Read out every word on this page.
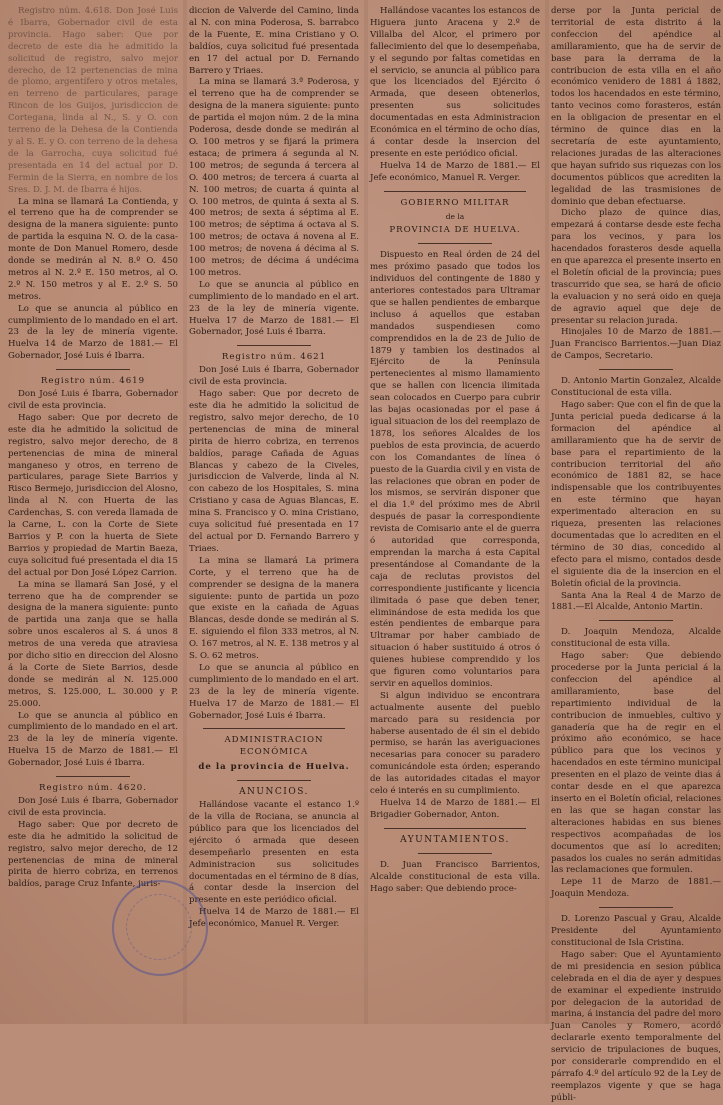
Registro núm. 4.618. Don José Luis é Ibarra, Gobernador civil de esta provincia. Hago saber: Que por decreto de este dia he admitido la solicitud de registro, salvo mejor derecho, de 12 pertenencias de mina de plomo, argentífero y otros metales, en terreno de particulares, parage Rincon de los Guijos, jurisdiccion de Cortegana, linda al N., S. y O. con terreno de la Dehesa de la Contienda y al S. E. y O. con terreno de la dehesa de la Garrocha, cuya solicitud fué presentada en 14 del actual por D. Fermin de la Sierra, en nombre de los Sres. D. J. M. de Ibarra é hijos.

La mina se llamará La Contienda, y el terreno que ha de comprender se designa de la manera siguiente: punto de partida la esquina N. O. de la casa-monte de Don Manuel Romero, desde donde se medirán al N. 8.º O. 450 metros al N. 2.º E. 150 metros, al O. 2.º N. 150 metros y al E. 2.º S. 50 metros.

Lo que se anuncia al público en cumplimiento de lo mandado en el art. 23 de la ley de minería vigente. Huelva 14 de Marzo de 1881.— El Gobernador, José Luis é Ibarra.

Registro núm. 4619

Don José Luis é Ibarra, Gobernador civil de esta provincia.

Hago saber: Que por decreto de este dia he admitido la solicitud de registro, salvo mejor derecho, de 8 pertenencias de mina de mineral manganeso y otros, en terreno de particulares, parage Siete Barrios y Risco Bermejo, jurisdiccion del Alosno, linda al N. con Huerta de las Cardenchas, S. con vereda llamada de la Carne, L. con la Corte de Siete Barrios y P. con la huerta de Siete Barrios y propiedad de Martin Baeza, cuya solicitud fué presentada el dia 15 del actual por Don José López Carrion.

La mina se llamará San José, y el terreno que ha de comprender se designa de la manera siguiente: punto de partida una zanja que se halla sobre unos escaleros al S. á unos 8 metros de una vereda que atraviesa por dicho sitio en direccion del Alosno á la Corte de Siete Barrios, desde donde se medirán al N. 125.000 metros, S. 125.000, L. 30.000 y P. 25.000.

Lo que se anuncia al público en cumplimiento de lo mandado en el art. 23 de la ley de minería vigente. Huelva 15 de Marzo de 1881.— El Gobernador, José Luis é Ibarra.

Registro núm. 4620.

Don José Luis é Ibarra, Gobernador civil de esta provincia.

Hago saber: Que por decreto de este dia he admitido la solicitud de registro, salvo mejor derecho, de 12 pertenencias de mina de mineral pirita de hierro cobriza, en terrenos baldíos, parage Cruz Infante, juris-

diccion de Valverde del Camino, linda al N. con mina Poderosa, S. barrabco de la Fuente, E. mina Cristiano y O. baldíos, cuya solicitud fué presentada en 17 del actual por D. Fernando Barrero y Triaes.

La mina se llamará 3.ª Poderosa, y el terreno que ha de comprender se designa de la manera siguiente: punto de partida el mojon núm. 2 de la mina Poderosa, desde donde se medirán al O. 100 metros y se fijará la primera estaca; de primera á segunda al N. 100 metros; de segunda á tercera al O. 400 metros; de tercera á cuarta al N. 100 metros; de cuarta á quinta al O. 100 metros, de quinta á sexta al S. 400 metros; de sexta á séptima al E. 100 metros; de séptima á octava al S. 100 metros; de octava á novena al E. 100 metros; de novena á décima al S. 100 metros; de décima á undécima 100 metros.

Lo que se anuncia al público en cumplimiento de lo mandado en el art. 23 de la ley de minería vigente. Huelva 17 de Marzo de 1881.— El Gobernador, José Luis é Ibarra.

Registro núm. 4621

Don José Luis é Ibarra, Gobernador civil de esta provincia.

Hago saber: Que por decreto de este dia he admitido la solicitud de registro, salvo mejor derecho, de 10 pertenencias de mina de mineral pirita de hierro cobriza, en terrenos baldíos, parage Cañada de Aguas Blancas y cabezo de la Civeles, jurisdiccion de Valverde, linda al N. con cabezo de los Hospitales, S. mina Cristiano y casa de Aguas Blancas, E. mina S. Francisco y O. mina Cristiano, cuya solicitud fué presentada en 17 del actual por D. Fernando Barrero y Triaes.

La mina se llamará La primera Corte, y el terreno que ha de comprender se designa de la manera siguiente: punto de partida un pozo que existe en la cañada de Aguas Blancas, desde donde se medirán al S. E. siguiendo el filon 333 metros, al N. O. 167 metros, al N. E. 138 metros y al S. O. 62 metros.

Lo que se anuncia al público en cumplimiento de lo mandado en el art. 23 de la ley de minería vigente. Huelva 17 de Marzo de 1881.— El Gobernador, José Luis é Ibarra.

ADMINISTRACION ECONÓMICA
de la provincia de Huelva.
ANUNCIOS.

Hallándose vacante el estanco 1.º de la villa de Rociana, se anuncia al público para que los licenciados del ejército ó armada que deseen desempeñarlo presenten en esta Administracion sus solicitudes documentadas en el término de 8 días, á contar desde la insercion del presente en este periódico oficial.

Huelva 14 de Marzo de 1881.— El Jefe económico, Manuel R. Verger.

Hallándose vacantes los estancos de Higuera junto Aracena y 2.º de Villalba del Alcor, el primero por fallecimiento del que lo desempeñaba, y el segundo por faltas cometidas en el servicio, se anuncia al público para que los licenciados del Ejército ó Armada, que deseen obtenerlos, presenten sus solicitudes documentadas en esta Administracion Económica en el término de ocho días, á contar desde la insercion del presente en este periódico oficial.

Huelva 14 de Marzo de 1881.— El Jefe económico, Manuel R. Verger.

GOBIERNO MILITAR
de la
PROVINCIA DE HUELVA.

Dispuesto en Real órden de 24 del mes próximo pasado que todos los individuos del contingente de 1880 y anteriores contestados para Ultramar que se hallen pendientes de embarque incluso á aquellos que estaban mandados suspendiesen como comprendidos en la de 23 de Julio de 1879 y tambien los destinados al Ejército de la Península pertenecientes al mismo llamamiento que se hallen con licencia ilimitada sean colocados en Cuerpo para cubrir las bajas ocasionadas por el pase á igual situacion de los del reemplazo de 1878, los señores Alcaldes de los pueblos de esta provincia, de acuerdo con los Comandantes de línea ó puesto de la Guardia civil y en vista de las relaciones que obran en poder de los mismos, se servirán disponer que el dia 1.º del próximo mes de Abril después de pasar la correspondiente revista de Comisario ante el de guerra ó autoridad que corresponda, emprendan la marcha á esta Capital presentándose al Comandante de la caja de reclutas provistos del correspondiente justificante y licencia ilimitada ó pase que deben tener, eliminándose de esta medida los que estén pendientes de embarque para Ultramar por haber cambiado de situacion ó haber sustituido á otros ó quienes hubiese comprendido y los que figuren como voluntarios para servir en aquellos dominios.

Si algun individuo se encontrara actualmente ausente del pueblo marcado para su residencia por haberse ausentado de él sin el debido permiso, se harán las averiguaciones necesarias para conocer su paradero comunicándole esta órden; esperando de las autoridades citadas el mayor celo é interés en su cumplimiento.

Huelva 14 de Marzo de 1881.— El Brigadier Gobernador, Anton.

AYUNTAMIENTOS.

D. Juan Francisco Barrientos, Alcalde constitucional de esta villa. Hago saber: Que debiendo proce-

derse por la Junta pericial de territorial de esta distrito á la confeccion del apéndice al amillaramiento, que ha de servir de base para la derrama de la contribucion de esta villa en el año económico venidero de 1881 á 1882, todos los hacendados en este término, tanto vecinos como forasteros, están en la obligacion de presentar en el término de quince dias en la secretaría de este ayuntamiento, relaciones juradas de las alteraciones que hayan sufrido sus riquezas con los documentos públicos que acrediten la legalidad de las trasmisiones de dominio que deban efectuarse.

Dicho plazo de quince dias, empezará á contarse desde este fecha para los vecinos, y para los hacendados forasteros desde aquella en que aparezca el presente inserto en el Boletín oficial de la provincia; pues trascurrido que sea, se hará de oficio la evaluacion y no será oido en queja de agravio aquel que deje de presentar su relacion jurada.

Hinojales 10 de Marzo de 1881.— Juan Francisco Barrientos.—Juan Diaz de Campos, Secretario.

D. Antonio Martin Gonzalez, Alcalde Constitucional de esta villa.

Hago saber: Que con el fin de que la Junta pericial pueda dedicarse á la formacion del apéndice al amillaramiento que ha de servir de base para el repartimiento de la contribucion territorial del año económico de 1881 82, se hace indispensable que los contribuyentes en este término que hayan experimentado alteracion en su riqueza, presenten las relaciones documentadas que lo acrediten en el término de 30 dias, concedido al efecto para el mismo, contados desde el siguiente dia de la insercion en el Boletín oficial de la provincia.

Santa Ana la Real 4 de Marzo de 1881.—El Alcalde, Antonio Martin.

D. Joaquin Mendoza, Alcalde constitucional de esta villa.

Hago saber: Que debiendo procederse por la Junta pericial á la confeccion del apéndice al amillaramiento, base del repartimiento individual de la contribucion de inmuebles, cultivo y ganadería que ha de regir en el próximo año económico, se hace público para que los vecinos y hacendados en este término municipal presenten en el plazo de veinte dias á contar desde en el que aparezca inserto en el Boletín oficial, relaciones en las que se hagan constar las alteraciones habidas en sus bienes respectivos acompañadas de los documentos que así lo acrediten; pasados los cuales no serán admitidas las reclamaciones que formulen.

Lepe 11 de Marzo de 1881.—Joaquin Mendoza.

D. Lorenzo Pascual y Grau, Alcalde Presidente del Ayuntamiento constitucional de Isla Cristina.

Hago saber: Que el Ayuntamiento de mi presidencia en sesion pública celebrada en el dia de ayer y despues de examinar el expediente instruido por delegacion de la autoridad de marina, á instancia del padre del moro Juan Canoles y Romero, acordó declararle exento temporalmente del servicio de tripulaciones de buques, por considerarle comprendido en el párrafo 4.º del artículo 92 de la Ley de reemplazos vigente y que se haga públi-
